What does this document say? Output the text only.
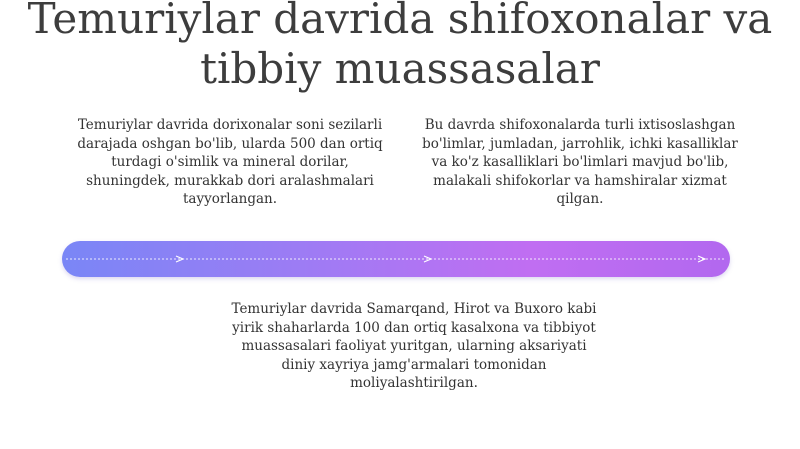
Temuriylar davrida shifoxonalar va tibbiy muassasalar

Temuriylar davrida dorixonalar soni sezilarli darajada oshgan bo'lib, ularda 500 dan ortiq turdagi o'simlik va mineral dorilar, shuningdek, murakkab dori aralashmalari tayyorlangan.

Bu davrda shifoxonalarda turli ixtisoslashgan bo'limlar, jumladan, jarrohlik, ichki kasalliklar va ko'z kasalliklari bo'limlari mavjud bo'lib, malakali shifokorlar va hamshiralar xizmat qilgan.

Temuriylar davrida Samarqand, Hirot va Buxoro kabi yirik shaharlarda 100 dan ortiq kasalxona va tibbiyot muassasalari faoliyat yuritgan, ularning aksariyati diniy xayriya jamg'armalari tomonidan moliyalashtirilgan.
